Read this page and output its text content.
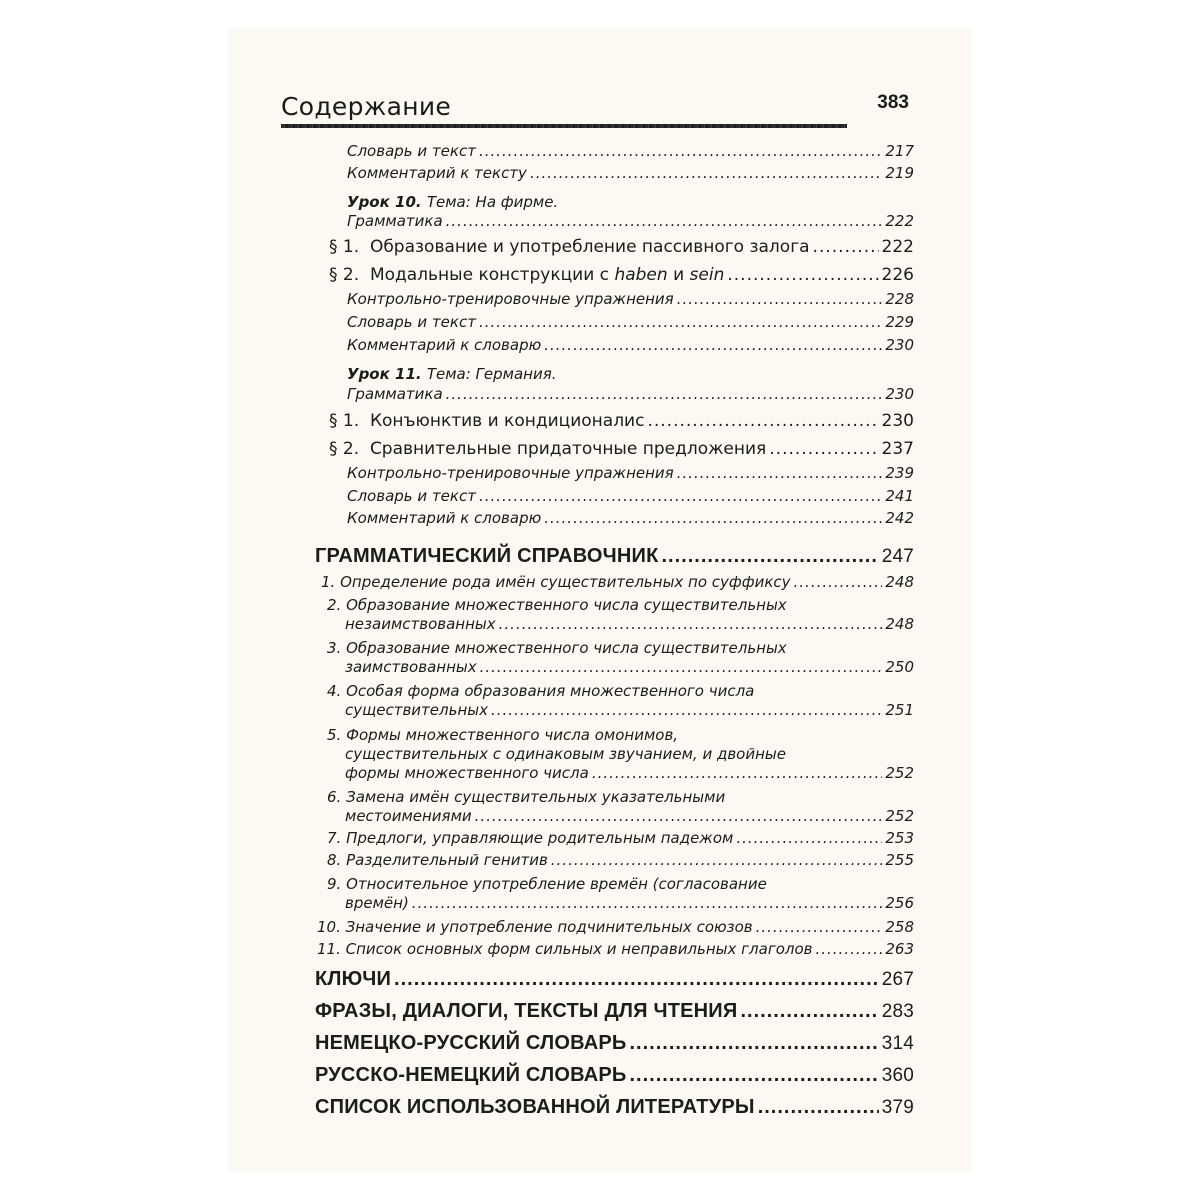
Содержание	383
Словарь и текст .....	217
Комментарий к тексту .....	219
Урок 10. Тема: На фирме.
Грамматика .....	222
§ 1. Образование и употребление пассивного залога .....	222
§ 2. Модальные конструкции с haben и sein .....	226
Контрольно-тренировочные упражнения .....	228
Словарь и текст .....	229
Комментарий к словарю .....	230
Урок 11. Тема: Германия.
Грамматика .....	230
§ 1. Конъюнктив и кондиционалис .....	230
§ 2. Сравнительные придаточные предложения .....	237
Контрольно-тренировочные упражнения .....	239
Словарь и текст .....	241
Комментарий к словарю .....	242
ГРАММАТИЧЕСКИЙ СПРАВОЧНИК .....	247
1. Определение рода имён существительных по суффиксу .....	248
2. Образование множественного числа существительных
незаимствованных .....	248
3. Образование множественного числа существительных
заимствованных .....	250
4. Особая форма образования множественного числа
существительных .....	251
5. Формы множественного числа омонимов,
существительных с одинаковым звучанием, и двойные
формы множественного числа .....	252
6. Замена имён существительных указательными
местоимениями .....	252
7. Предлоги, управляющие родительным падежом .....	253
8. Разделительный генитив .....	255
9. Относительное употребление времён (согласование
времён) .....	256
10. Значение и употребление подчинительных союзов .....	258
11. Список основных форм сильных и неправильных глаголов .....	263
КЛЮЧИ .....	267
ФРАЗЫ, ДИАЛОГИ, ТЕКСТЫ ДЛЯ ЧТЕНИЯ .....	283
НЕМЕЦКО-РУССКИЙ СЛОВАРЬ .....	314
РУССКО-НЕМЕЦКИЙ СЛОВАРЬ .....	360
СПИСОК ИСПОЛЬЗОВАННОЙ ЛИТЕРАТУРЫ .....	379
